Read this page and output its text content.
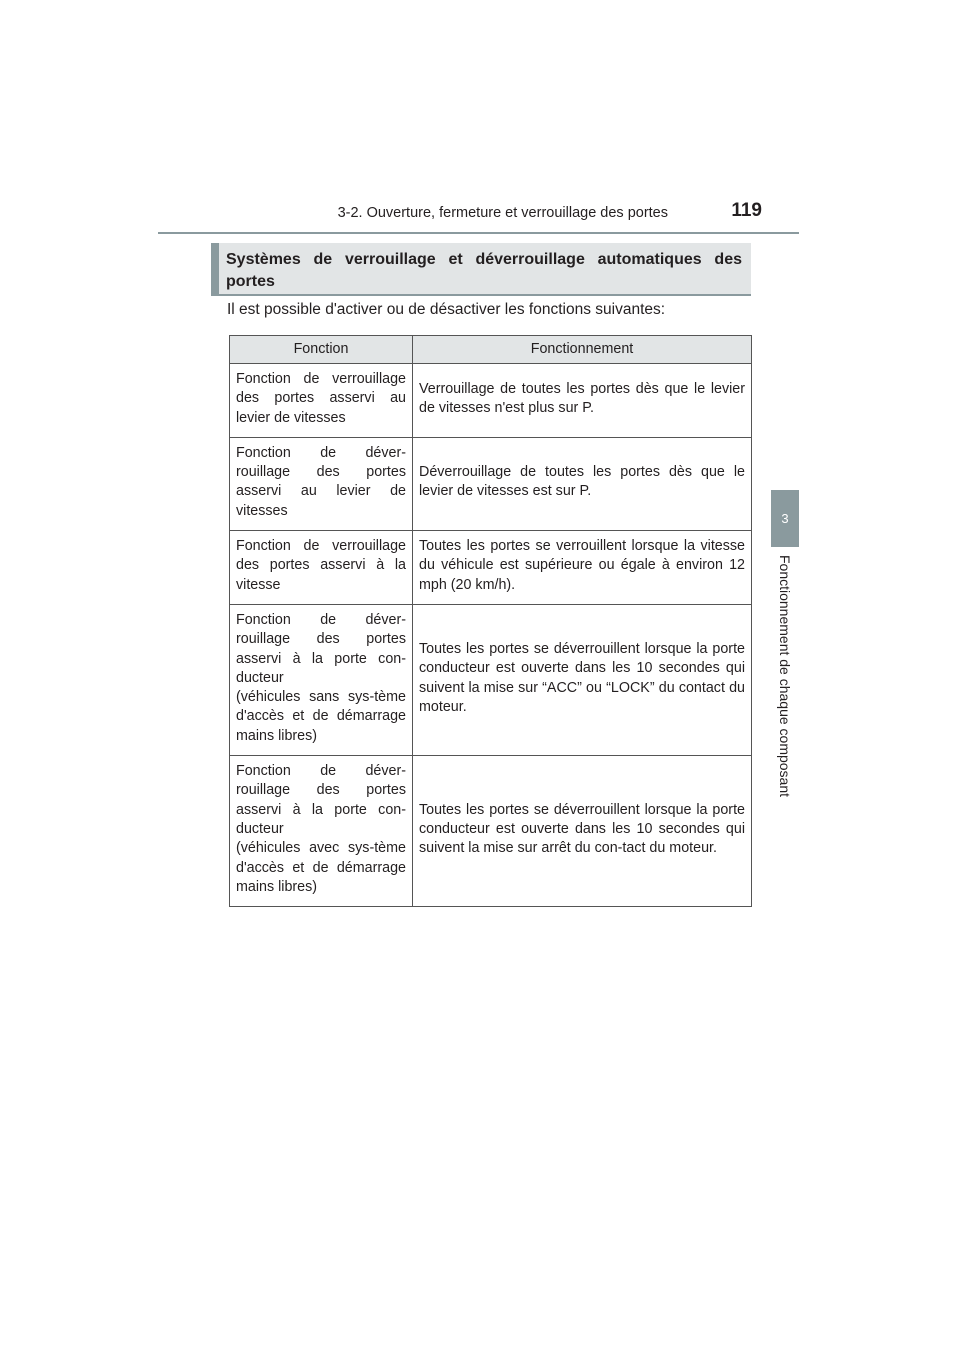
3-2. Ouverture, fermeture et verrouillage des portes	119
3
Fonctionnement de chaque composant
Systèmes de verrouillage et déverrouillage automatiques des portes
Il est possible d'activer ou de désactiver les fonctions suivantes:
Fonction	Fonctionnement

Fonction de verrouillage des portes asservi au levier de vitesses	Verrouillage de toutes les portes dès que le levier de vitesses n'est plus sur P.

Fonction de déver-rouillage des portes asservi au levier de vitesses	Déverrouillage de toutes les portes dès que le levier de vitesses est sur P.

Fonction de verrouillage des portes asservi à la vitesse	Toutes les portes se verrouillent lorsque la vitesse du véhicule est supérieure ou égale à environ 12 mph (20 km/h).

Fonction de déver-rouillage des portes asservi à la porte con-ducteur
(véhicules sans sys-tème d'accès et de démarrage mains libres)	Toutes les portes se déverrouillent lorsque la porte conducteur est ouverte dans les 10 secondes qui suivent la mise sur “ACC” ou “LOCK” du contact du moteur.

Fonction de déver-rouillage des portes asservi à la porte con-ducteur
(véhicules avec sys-tème d'accès et de démarrage mains libres)	Toutes les portes se déverrouillent lorsque la porte conducteur est ouverte dans les 10 secondes qui suivent la mise sur arrêt du con-tact du moteur.
